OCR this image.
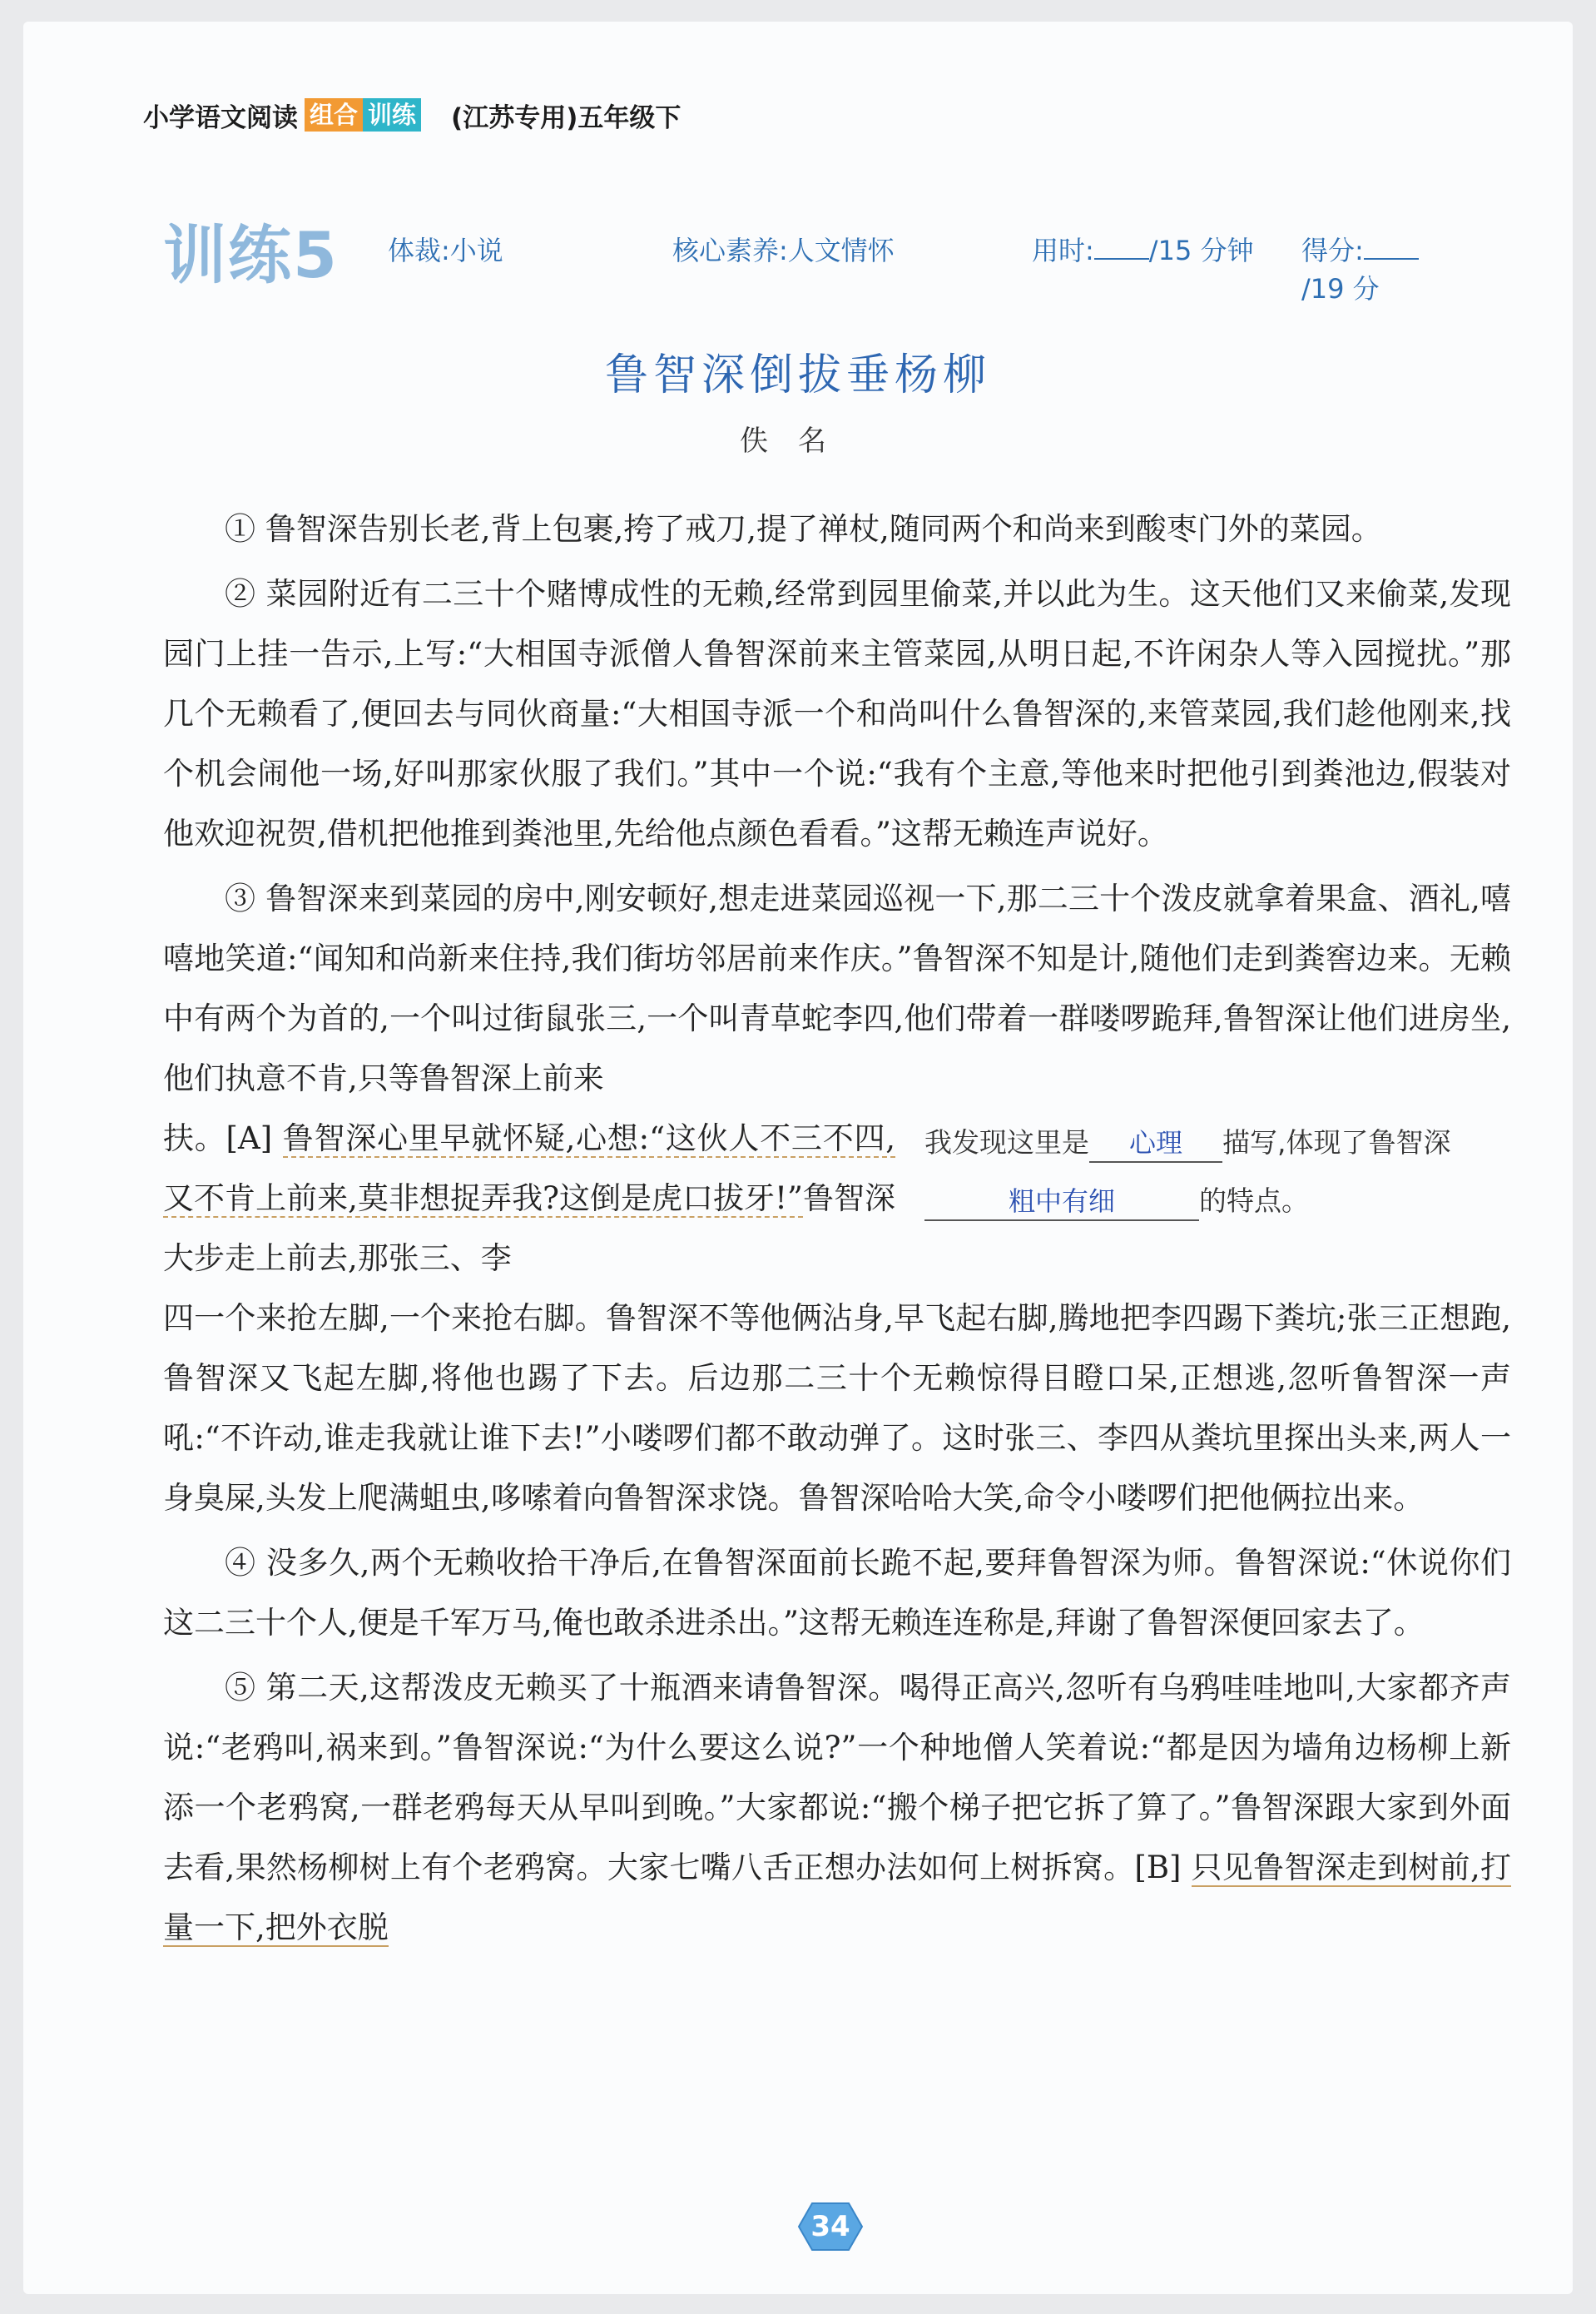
小学语文阅读 组合 训练 (江苏专用)五年级下
训练5 体裁:小说	核心素养:人文情怀	用时: /15 分钟 得分:/19 分
鲁智深倒拔垂杨柳
佚名
① 鲁智深告别长老,背上包裹,挎了戒刀,提了禅杖,随同两个和尚来到酸枣门外的菜园。
② 菜园附近有二三十个赌博成性的无赖,经常到园里偷菜,并以此为生。这天他们又来偷菜,发现园门上挂一告示,上写:“大相国寺派僧人鲁智深前来主管菜园,从明日起,不许闲杂人等入园搅扰。”那几个无赖看了,便回去与同伙商量:“大相国寺派一个和尚叫什么鲁智深的,来管菜园,我们趁他刚来,找个机会闹他一场,好叫那家伙服了我们。”其中一个说:“我有个主意,等他来时把他引到粪池边,假装对他欢迎祝贺,借机把他推到粪池里,先给他点颜色看看。”这帮无赖连声说好。
③ 鲁智深来到菜园的房中,刚安顿好,想走进菜园巡视一下,那二三十个泼皮就拿着果盒、酒礼,嘻嘻地笑道:“闻知和尚新来住持,我们街坊邻居前来作庆。”鲁智深不知是计,随他们走到粪窖边来。无赖中有两个为首的,一个叫过街鼠张三,一个叫青草蛇李四,他们带着一群喽啰跪拜,鲁智深让他们进房坐,他们执意不肯,只等鲁智深上前来
扶。[A] 鲁智深心里早就怀疑,心想:“这伙人不三不四,又不肯上前来,莫非想捉弄我?这倒是虎口拔牙!”鲁智深大步走上前去,那张三、李
我发现这里是 心理 描写,体现了鲁智深粗中有细	的特点。
四一个来抢左脚,一个来抢右脚。鲁智深不等他俩沾身,早飞起右脚,腾地把李四踢下粪坑;张三正想跑,鲁智深又飞起左脚,将他也踢了下去。后边那二三十个无赖惊得目瞪口呆,正想逃,忽听鲁智深一声吼:“不许动,谁走我就让谁下去!”小喽啰们都不敢动弹了。这时张三、李四从粪坑里探出头来,两人一身臭屎,头发上爬满蛆虫,哆嗦着向鲁智深求饶。鲁智深哈哈大笑,命令小喽啰们把他俩拉出来。
④ 没多久,两个无赖收拾干净后,在鲁智深面前长跪不起,要拜鲁智深为师。鲁智深说:“休说你们这二三十个人,便是千军万马,俺也敢杀进杀出。”这帮无赖连连称是,拜谢了鲁智深便回家去了。
⑤ 第二天,这帮泼皮无赖买了十瓶酒来请鲁智深。喝得正高兴,忽听有乌鸦哇哇地叫,大家都齐声说:“老鸦叫,祸来到。”鲁智深说:“为什么要这么说?”一个种地僧人笑着说:“都是因为墙角边杨柳上新添一个老鸦窝,一群老鸦每天从早叫到晚。”大家都说:“搬个梯子把它拆了算了。”鲁智深跟大家到外面去看,果然杨柳树上有个老鸦窝。大家七嘴八舌正想办法如何上树拆窝。[B] 只见鲁智深走到树前,打量一下,把外衣脱
34
